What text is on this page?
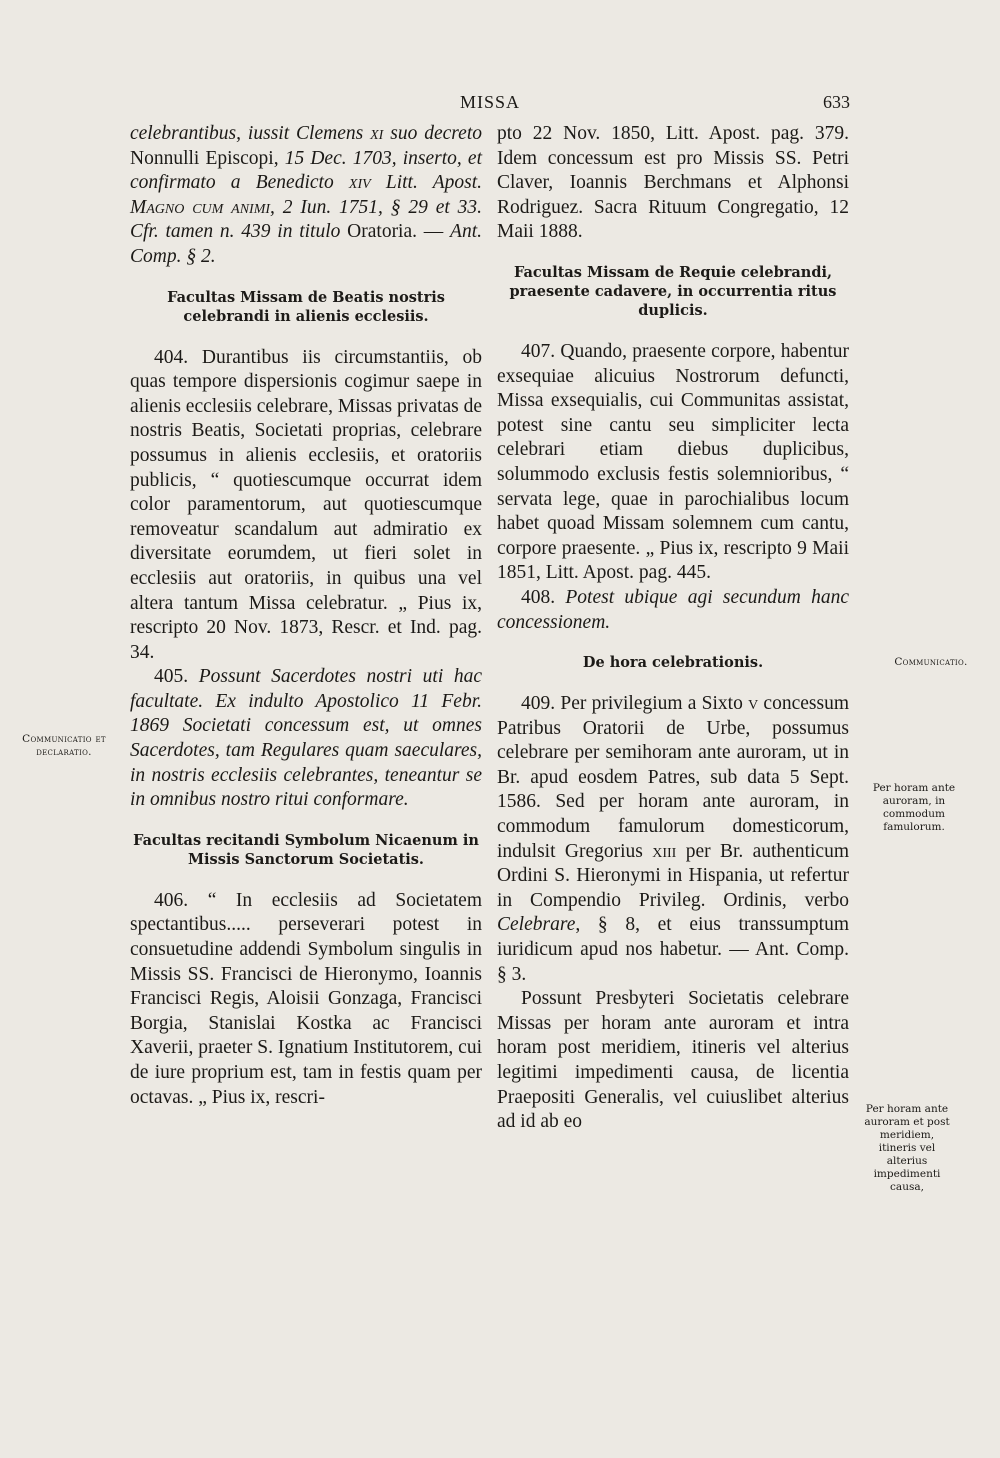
MISSA	633

celebrantibus, iussit Clemens xi suo decreto Nonnulli Episcopi, 15 Dec. 1703, inserto, et confirmato a Benedicto xiv Litt. Apost. Magno cum animi, 2 Iun. 1751, § 29 et 33. Cfr. tamen n. 439 in titulo Oratoria. — Ant. Comp. § 2.

Facultas Missam de Beatis nostris celebrandi in alienis ecclesiis.

404. Durantibus iis circumstantiis, ob quas tempore dispersionis cogimur saepe in alienis ecclesiis celebrare, Missas privatas de nostris Beatis, Societati proprias, celebrare possumus in alienis ecclesiis, et oratoriis publicis, “ quotiescumque occurrat idem color paramentorum, aut quotiescumque removeatur scandalum aut admiratio ex diversitate eorumdem, ut fieri solet in ecclesiis aut oratoriis, in quibus una vel altera tantum Missa celebratur. „ Pius ix, rescripto 20 Nov. 1873, Rescr. et Ind. pag. 34.

405. Possunt Sacerdotes nostri uti hac facultate. Ex indulto Apostolico 11 Febr. 1869 Societati concessum est, ut omnes Sacerdotes, tam Regulares quam saeculares, in nostris ecclesiis celebrantes, teneantur se in omnibus nostro ritui conformare.

Facultas recitandi Symbolum Nicaenum in Missis Sanctorum Societatis.

406. “ In ecclesiis ad Societatem spectantibus..... perseverari potest in consuetudine addendi Symbolum singulis in Missis SS. Francisci de Hieronymo, Ioannis Francisci Regis, Aloisii Gonzaga, Francisci Borgia, Stanislai Kostka ac Francisci Xaverii, praeter S. Ignatium Institutorem, cui de iure proprium est, tam in festis quam per octavas. „ Pius ix, rescri-

pto 22 Nov. 1850, Litt. Apost. pag. 379. Idem concessum est pro Missis SS. Petri Claver, Ioannis Berchmans et Alphonsi Rodriguez. Sacra Rituum Congregatio, 12 Maii 1888.

Facultas Missam de Requie celebrandi, praesente cadavere, in occurrentia ritus duplicis.

407. Quando, praesente corpore, habentur exsequiae alicuius Nostrorum defuncti, Missa exsequialis, cui Communitas assistat, potest sine cantu seu simpliciter lecta celebrari etiam diebus duplicibus, solummodo exclusis festis solemnioribus, “ servata lege, quae in parochialibus locum habet quoad Missam solemnem cum cantu, corpore praesente. „ Pius ix, rescripto 9 Maii 1851, Litt. Apost. pag. 445.

408. Potest ubique agi secundum hanc concessionem.

De hora celebrationis.

409. Per privilegium a Sixto v concessum Patribus Oratorii de Urbe, possumus celebrare per semihoram ante auroram, ut in Br. apud eosdem Patres, sub data 5 Sept. 1586. Sed per horam ante auroram, in commodum famulorum domesticorum, indulsit Gregorius xiii per Br. authenticum Ordini S. Hieronymi in Hispania, ut refertur in Compendio Privileg. Ordinis, verbo Celebrare, § 8, et eius transsumptum iuridicum apud nos habetur. — Ant. Comp. § 3.

Possunt Presbyteri Societatis celebrare Missas per horam ante auroram et intra horam post meridiem, itineris vel alterius legitimi impedimenti causa, de licentia Praepositi Generalis, vel cuiuslibet alterius ad id ab eo

Communicatio et declaratio.
Communicatio.
Per horam ante auroram, in commodum famulorum.
Per horam ante auroram et post meridiem, itineris vel alterius impedimenti causa,
